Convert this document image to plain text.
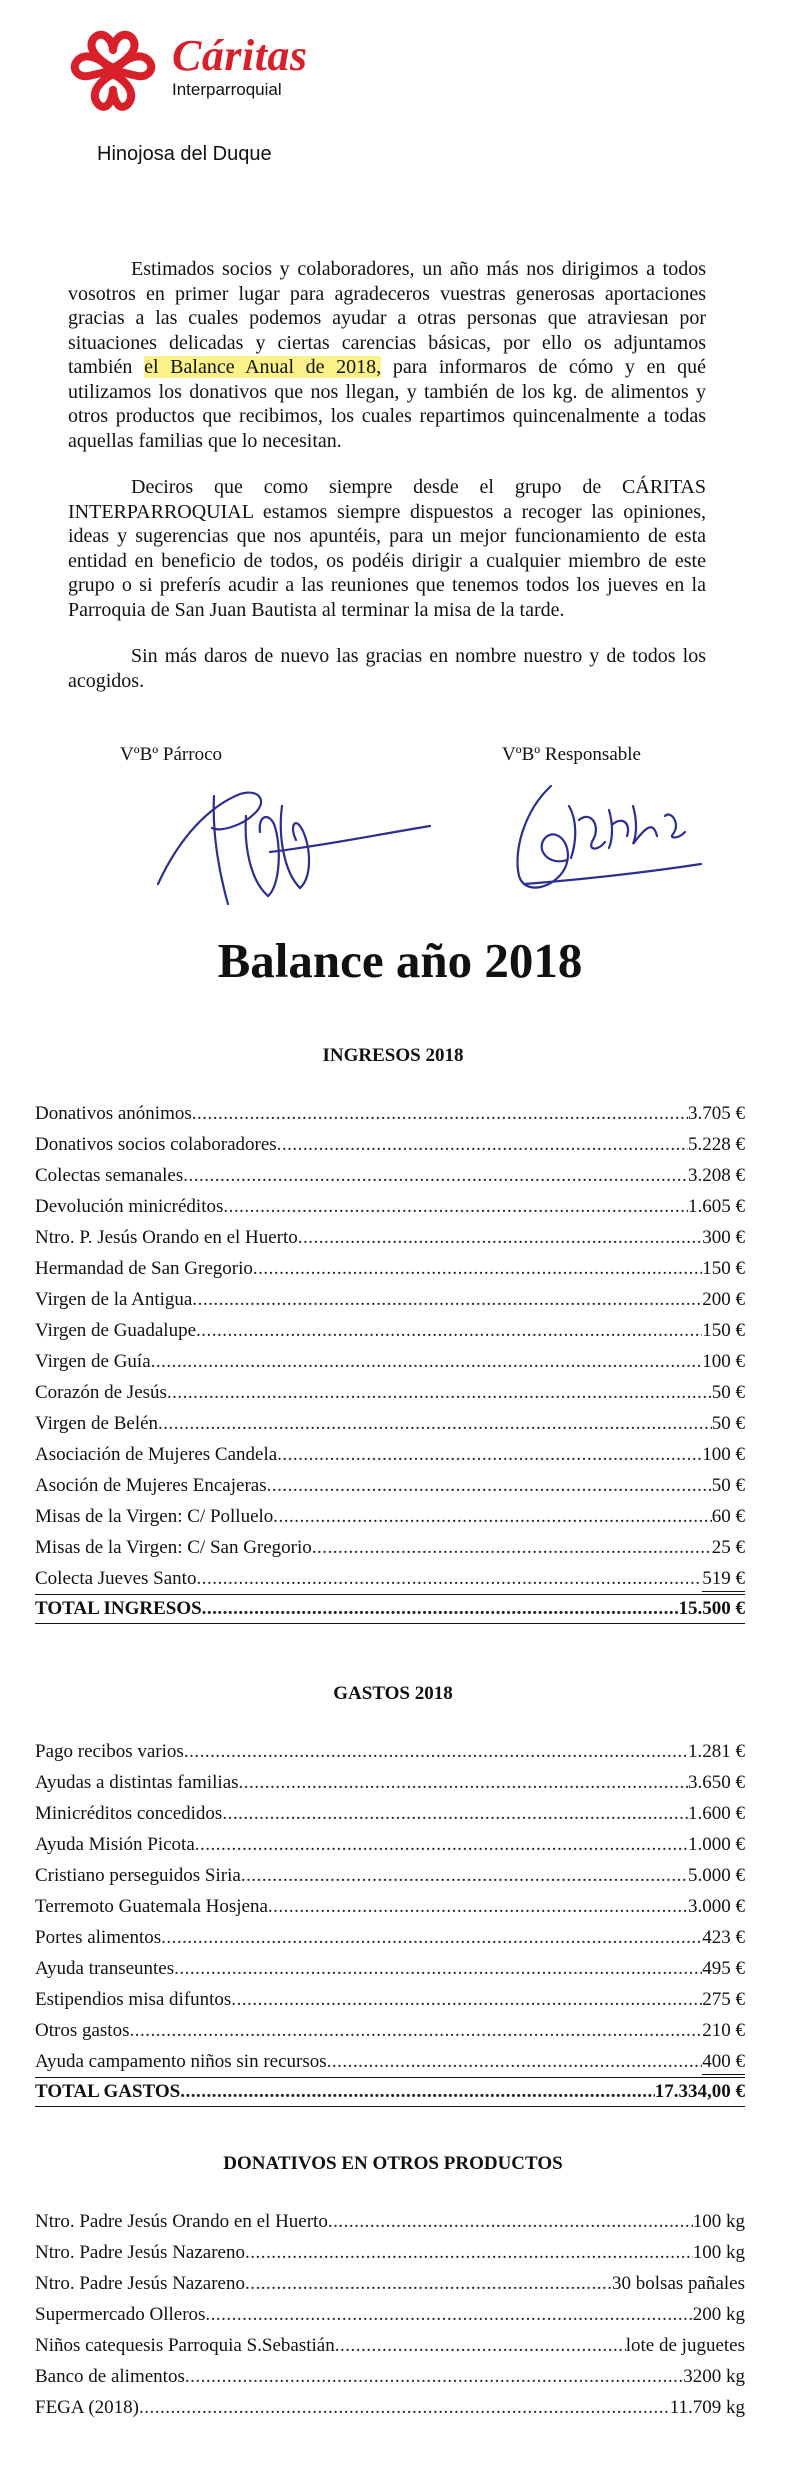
Cáritas
Interparroquial
Hinojosa del Duque

Estimados socios y colaboradores, un año más nos dirigimos a todos vosotros en primer lugar para agradeceros vuestras generosas aportaciones gracias a las cuales podemos ayudar a otras personas que atraviesan por situaciones delicadas y ciertas carencias básicas, por ello os adjuntamos también el Balance Anual de 2018, para informaros de cómo y en qué utilizamos los donativos que nos llegan, y también de los kg. de alimentos y otros productos que recibimos, los cuales repartimos quincenalmente a todas aquellas familias que lo necesitan.

Deciros que como siempre desde el grupo de CÁRITAS INTERPARROQUIAL estamos siempre dispuestos a recoger las opiniones, ideas y sugerencias que nos apuntéis, para un mejor funcionamiento de esta entidad en beneficio de todos, os podéis dirigir a cualquier miembro de este grupo o si preferís acudir a las reuniones que tenemos todos los jueves en la Parroquia de San Juan Bautista al terminar la misa de la tarde.

Sin más daros de nuevo las gracias en nombre nuestro y de todos los acogidos.

VºBº Párroco	VºBº Responsable
Balance año 2018
INGRESOS 2018
Donativos anónimos .....	3.705 €
Donativos socios colaboradores .....	5.228 €
Colectas semanales .....	3.208 €
Devolución minicréditos .....	1.605 €
Ntro. P. Jesús Orando en el Huerto .....	300 €
Hermandad de San Gregorio .....	150 €
Virgen de la Antigua .....	200 €
Virgen de Guadalupe .....	150 €
Virgen de Guía .....	100 €
Corazón de Jesús .....	50 €
Virgen de Belén .....	50 €
Asociación de Mujeres Candela .....	100 €
Asoción de Mujeres Encajeras .....	50 €
Misas de la Virgen: C/ Polluelo .....	60 €
Misas de la Virgen: C/ San Gregorio .....	25 €
Colecta Jueves Santo .....	519 €
TOTAL INGRESOS .....	15.500 €
GASTOS 2018
Pago recibos varios .....	1.281 €
Ayudas a distintas familias .....	3.650 €
Minicréditos concedidos .....	1.600 €
Ayuda Misión Picota .....	1.000 €
Cristiano perseguidos Siria .....	5.000 €
Terremoto Guatemala Hosjena .....	3.000 €
Portes alimentos .....	423 €
Ayuda transeuntes .....	495 €
Estipendios misa difuntos .....	275 €
Otros gastos .....	210 €
Ayuda campamento niños sin recursos .....	400 €
TOTAL GASTOS .....	17.334,00 €
DONATIVOS EN OTROS PRODUCTOS
Ntro. Padre Jesús Orando en el Huerto .....	100 kg
Ntro. Padre Jesús Nazareno .....	100 kg
Ntro. Padre Jesús Nazareno .....	30 bolsas pañales
Supermercado Olleros .....	200 kg
Niños catequesis Parroquia S.Sebastián .....	lote de juguetes
Banco de alimentos .....	3200 kg
FEGA (2018) .....	11.709 kg
